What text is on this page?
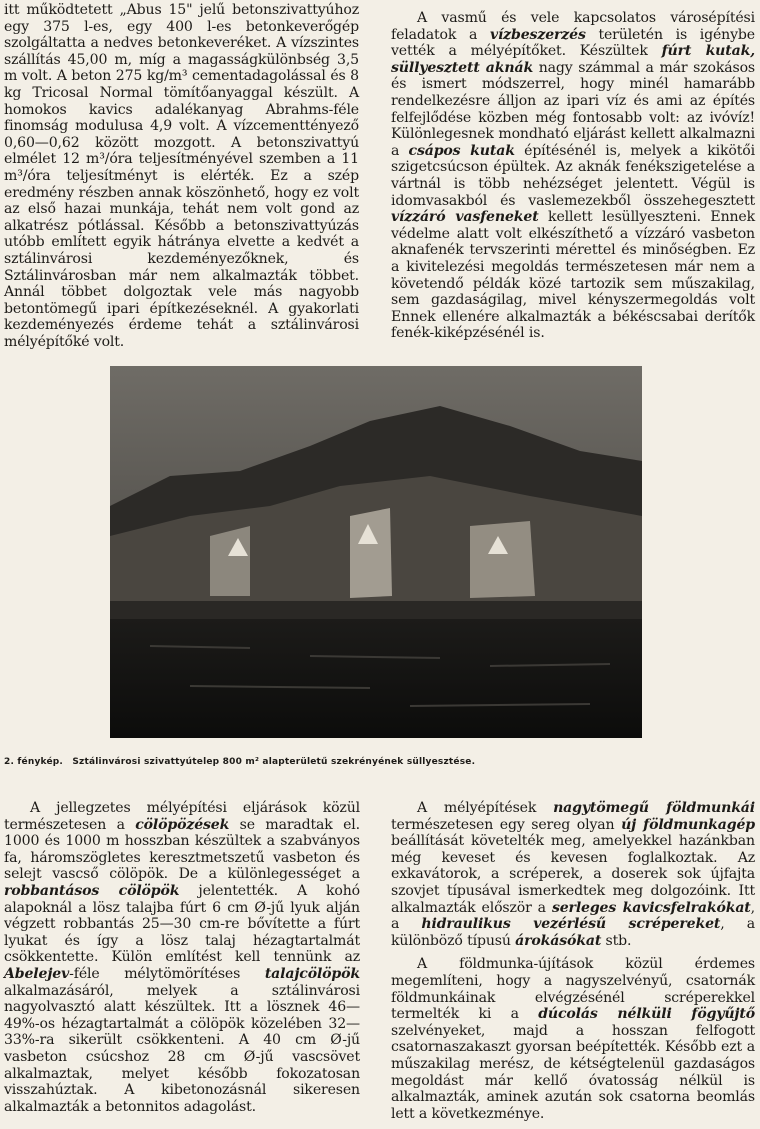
itt működtetett „Abus 15" jelű betonszivattyúhoz egy 375 l-es, egy 400 l-es betonkeverőgép szolgáltatta a nedves betonkeveréket. A vízszintes szállítás 45,00 m, míg a magasságkülönbség 3,5 m volt. A beton 275 kg/m³ cementadagolással és 8 kg Tricosal Normal tömítőanyaggal készült. A homokos kavics adalékanyag Abrahms-féle finomság modulusa 4,9 volt. A vízcementtényező 0,60—0,62 között mozgott. A betonszivattyú elmélet 12 m³/óra teljesítményével szemben a 11 m³/óra teljesítményt is elérték. Ez a szép eredmény részben annak köszönhető, hogy ez volt az első hazai munkája, tehát nem volt gond az alkatrész pótlással. Később a betonszivattyúzás utóbb említett egyik hátránya elvette a kedvét a sztálinvárosi kezdeményezőknek, és Sztálinvárosban már nem alkalmazták többet. Annál többet dolgoztak vele más nagyobb betontömegű ipari építkezéseknél. A gyakorlati kezdeményezés érdeme tehát a sztálinvárosi mélyépítőké volt.

A vasmű és vele kapcsolatos városépítési feladatok a vízbeszerzés területén is igénybe vették a mélyépítőket. Készültek fúrt kutak, süllyesztett aknák nagy számmal a már szokásos és ismert módszerrel, hogy minél hamarább rendelkezésre álljon az ipari víz és ami az építés felfejlődése közben még fontosabb volt: az ivóvíz! Különlegesnek mondható eljárást kellett alkalmazni a csápos kutak építésénél is, melyek a kikötői szigetcsúcson épültek. Az aknák fenékszigetelése a vártnál is több nehézséget jelentett. Végül is idomvasakból és vaslemezekből összehegesztett vízzáró vasfeneket kellett lesüllyeszteni. Ennek védelme alatt volt elkészíthető a vízzáró vasbeton aknafenék tervszerinti mérettel és minőségben. Ez a kivitelezési megoldás természetesen már nem a követendő példák közé tartozik sem műszakilag, sem gazdaságilag, mivel kényszermegoldás volt Ennek ellenére alkalmazták a békéscsabai derítők fenék-kiképzésénél is.

2. fénykép. Sztálinvárosi szivattyútelep 800 m² alapterületű szekrényének süllyesztése.

A jellegzetes mélyépítési eljárások közül természetesen a cölöpözések se maradtak el. 1000 és 1000 m hosszban készültek a szabványos fa, háromszögletes keresztmetszetű vasbeton és selejt vascső cölöpök. De a különlegességet a robbantásos cölöpök jelentették. A kohó alapoknál a lösz talajba fúrt 6 cm Ø-jű lyuk alján végzett robbantás 25—30 cm-re bővítette a fúrt lyukat és így a lösz talaj hézagtartalmát csökkentette. Külön említést kell tennünk az Abelejev-féle mélytömörítéses talajcölöpök alkalmazásáról, melyek a sztálinvárosi nagyolvasztó alatt készültek. Itt a lösznek 46—49%-os hézagtartalmát a cölöpök közelében 32—33%-ra sikerült csökkenteni. A 40 cm Ø-jű vasbeton csúcshoz 28 cm Ø-jű vascsövet alkalmaztak, melyet később fokozatosan visszahúztak. A kibetonozásnál sikeresen alkalmazták a betonnitos adagolást.

A mélyépítések nagytömegű földmunkái természetesen egy sereg olyan új földmunkagép beállítását követelték meg, amelyekkel hazánkban még keveset és kevesen foglalkoztak. Az exkavátorok, a scréperek, a doserek sok újfajta szovjet típusával ismerkedtek meg dolgozóink. Itt alkalmazták először a serleges kavicsfelrakókat, a hidraulikus vezérlésű scrépereket, a különböző típusú árokásókat stb.

A földmunka-újítások közül érdemes megemlíteni, hogy a nagyszelvényű, csatornák földmunkáinak elvégzésénél scréperekkel termelték ki a dúcolás nélküli fögyűjtő szelvényeket, majd a hosszan felfogott csatornaszakaszt gyorsan beépítették. Később ezt a műszakilag merész, de kétségtelenül gazdaságos megoldást már kellő óvatosság nélkül is alkalmazták, aminek azután sok csatorna beomlás lett a következménye.
